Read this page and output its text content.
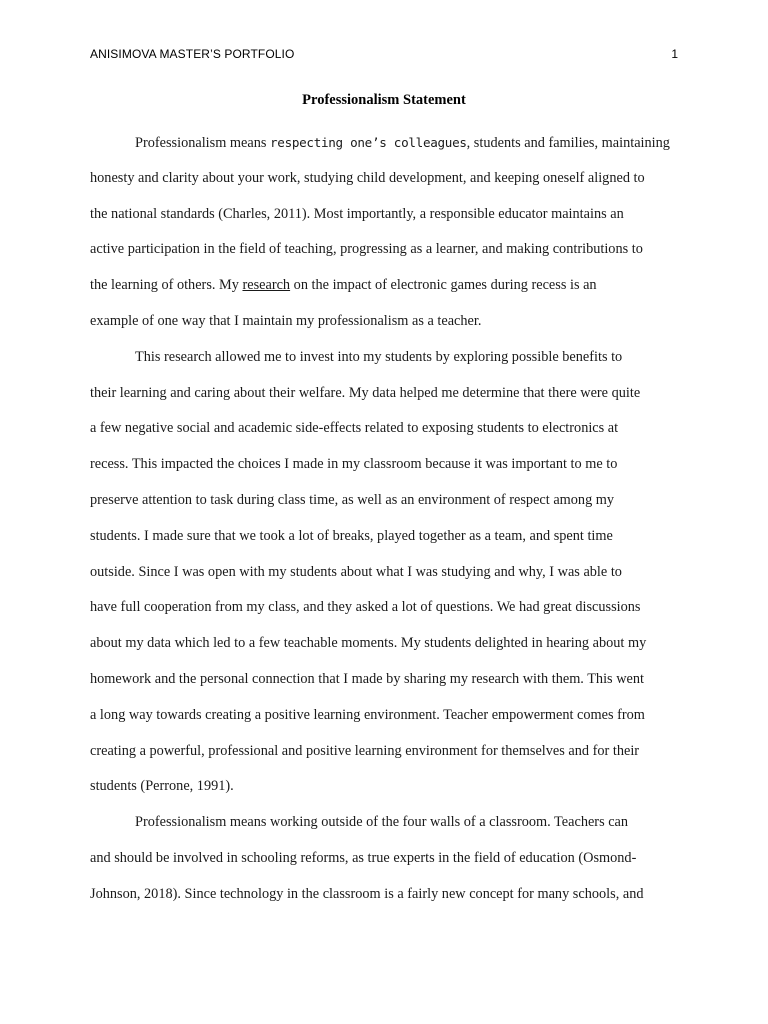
ANISIMOVA MASTER’S PORTFOLIO	1
Professionalism Statement
Professionalism means respecting one’s colleagues, students and families, maintaining
honesty and clarity about your work, studying child development, and keeping oneself aligned to
the national standards (Charles, 2011). Most importantly, a responsible educator maintains an
active participation in the field of teaching, progressing as a learner, and making contributions to
the learning of others. My research on the impact of electronic games during recess is an
example of one way that I maintain my professionalism as a teacher.
This research allowed me to invest into my students by exploring possible benefits to
their learning and caring about their welfare. My data helped me determine that there were quite
a few negative social and academic side-effects related to exposing students to electronics at
recess. This impacted the choices I made in my classroom because it was important to me to
preserve attention to task during class time, as well as an environment of respect among my
students. I made sure that we took a lot of breaks, played together as a team, and spent time
outside. Since I was open with my students about what I was studying and why, I was able to
have full cooperation from my class, and they asked a lot of questions. We had great discussions
about my data which led to a few teachable moments. My students delighted in hearing about my
homework and the personal connection that I made by sharing my research with them. This went
a long way towards creating a positive learning environment. Teacher empowerment comes from
creating a powerful, professional and positive learning environment for themselves and for their
students (Perrone, 1991).
Professionalism means working outside of the four walls of a classroom. Teachers can
and should be involved in schooling reforms, as true experts in the field of education (Osmond-
Johnson, 2018). Since technology in the classroom is a fairly new concept for many schools, and
